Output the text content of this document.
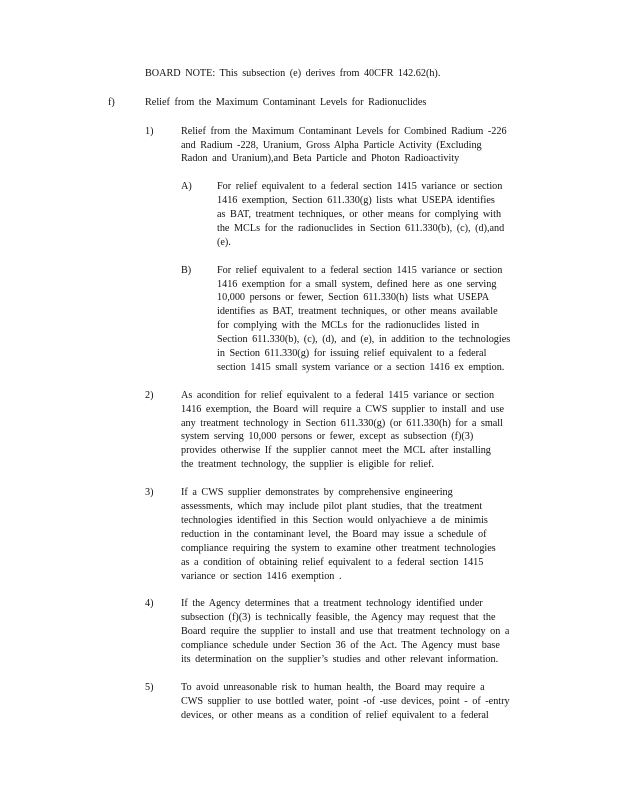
BOARD NOTE: This subsection (e) derives from 40CFR 142.62(h).
f)	Relief from the Maximum Contaminant Levels for Radionuclides
1)	Relief from the Maximum Contaminant Levels for Combined Radium -226
and Radium -228, Uranium, Gross Alpha Particle Activity (Excluding
Radon and Uranium),and Beta Particle and Photon Radioactivity
A) For relief equivalent to a federal section 1415 variance or section
1416 exemption, Section 611.330(g) lists what USEPA identifies
as BAT, treatment techniques, or other means for complying with
the MCLs for the radionuclides in Section 611.330(b), (c), (d),and
(e).
B)	For relief equivalent to a federal section 1415 variance or section
1416 exemption for a small system, defined here as one serving
10,000 persons or fewer, Section 611.330(h) lists what USEPA
identifies as BAT, treatment techniques, or other means available
for complying with the MCLs for the radionuclides listed in
Section 611.330(b), (c), (d), and (e), in addition to the technologies
in Section 611.330(g) for issuing relief equivalent to a federal
section 1415 small system variance or a section 1416 ex emption.
2)	As acondition for relief equivalent to a federal 1415 variance or section
1416 exemption, the Board will require a CWS supplier to install and use
any treatment technology in Section 611.330(g) (or 611.330(h) for a small
system serving 10,000 persons or fewer, except as subsection (f)(3)
provides otherwise If the supplier cannot meet the MCL after installing
the treatment technology, the supplier is eligible for relief.
3)	If a CWS supplier demonstrates by comprehensive engineering
assessments, which may include pilot plant studies, that the treatment
technologies identified in this Section would onlyachieve a de minimis
reduction in the contaminant level, the Board may issue a schedule of
compliance requiring the system to examine other treatment technologies
as a condition of obtaining relief equivalent to a federal section 1415
variance or section 1416 exemption .
4)	If the Agency determines that a treatment technology identified under
subsection (f)(3) is technically feasible, the Agency may request that the
Board require the supplier to install and use that treatment technology on a
compliance schedule under Section 36 of the Act. The Agency must base
its determination on the supplier’s studies and other relevant information.
5)	To avoid unreasonable risk to human health, the Board may require a
CWS supplier to use bottled water, point -of -use devices, point - of -entry
devices, or other means as a condition of relief equivalent to a federal
